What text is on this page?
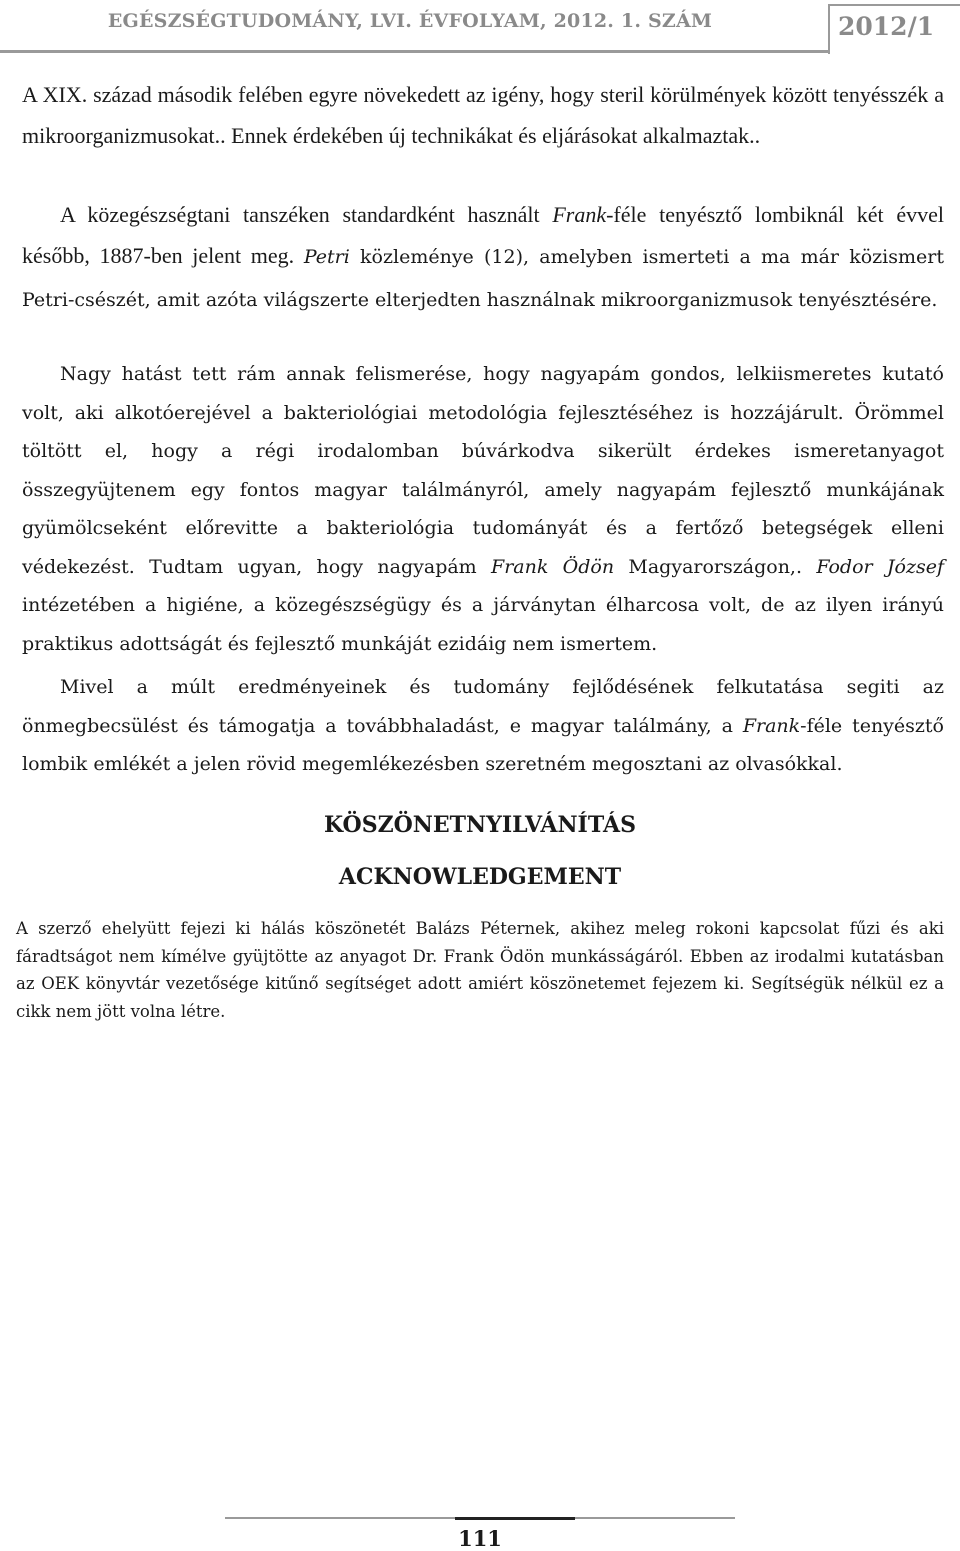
EGÉSZSÉGTUDOMÁNY, LVI. ÉVFOLYAM, 2012. 1. SZÁM	2012/1

A XIX. század második felében egyre növekedett az igény, hogy steril körülmények között tenyésszék a mikroorganizmusokat.. Ennek érdekében új technikákat és eljárásokat alkalmaztak..

A közegészségtani tanszéken standardként használt Frank-féle tenyésztő lombiknál két évvel később, 1887-ben jelent meg. Petri közleménye (12), amelyben ismerteti a ma már közismert Petri-csészét, amit azóta világszerte elterjedten használnak mikroorganizmusok tenyésztésére.

Nagy hatást tett rám annak felismerése, hogy nagyapám gondos, lelkiismeretes kutató volt, aki alkotóerejével a bakteriológiai metodológia fejlesztéséhez is hozzájárult. Örömmel töltött el, hogy a régi irodalomban búvárkodva sikerült érdekes ismeretanyagot összegyüjtenem egy fontos magyar találmányról, amely nagyapám fejlesztő munkájának gyümölcseként előrevitte a bakteriológia tudományát és a fertőző betegségek elleni védekezést. Tudtam ugyan, hogy nagyapám Frank Ödön Magyarországon,. Fodor József intézetében a higiéne, a közegészségügy és a járványtan élharcosa volt, de az ilyen irányú praktikus adottságát és fejlesztő munkáját ezidáig nem ismertem.

Mivel a múlt eredményeinek és tudomány fejlődésének felkutatása segiti az önmegbecsülést és támogatja a továbbhaladást, e magyar találmány, a Frank-féle tenyésztő lombik emlékét a jelen rövid megemlékezésben szeretném megosztani az olvasókkal.

KÖSZÖNETNYILVÁNÍTÁS
ACKNOWLEDGEMENT

A szerző ehelyütt fejezi ki hálás köszönetét Balázs Péternek, akihez meleg rokoni kapcsolat fűzi és aki fáradtságot nem kímélve gyüjtötte az anyagot Dr. Frank Ödön munkásságáról. Ebben az irodalmi kutatásban az OEK könyvtár vezetősége kitűnő segítséget adott amiért köszönetemet fejezem ki. Segítségük nélkül ez a cikk nem jött volna létre.

111
